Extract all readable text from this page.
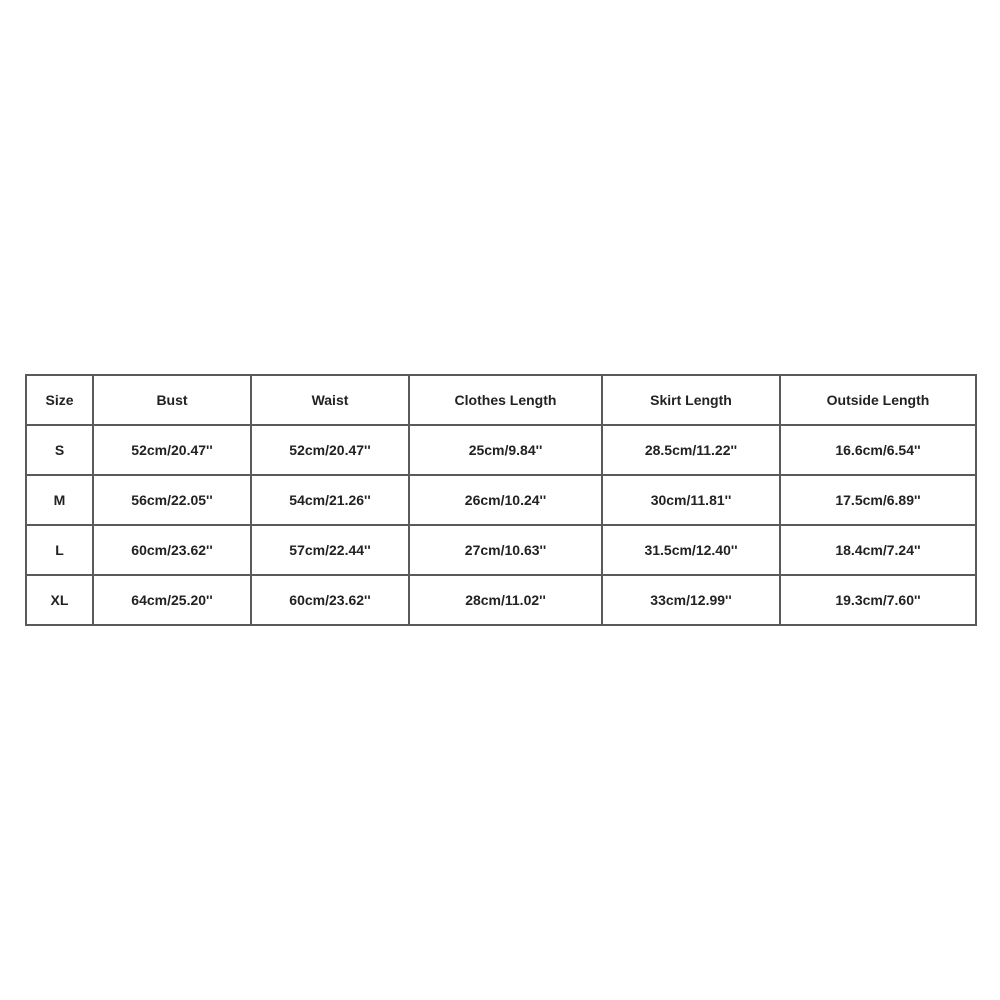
Size	Bust	Waist	Clothes Length	Skirt Length	Outside Length
S	52cm/20.47''	52cm/20.47''	25cm/9.84''	28.5cm/11.22''	16.6cm/6.54''
M	56cm/22.05''	54cm/21.26''	26cm/10.24''	30cm/11.81''	17.5cm/6.89''
L	60cm/23.62''	57cm/22.44''	27cm/10.63''	31.5cm/12.40''	18.4cm/7.24''
XL	64cm/25.20''	60cm/23.62''	28cm/11.02''	33cm/12.99''	19.3cm/7.60''
